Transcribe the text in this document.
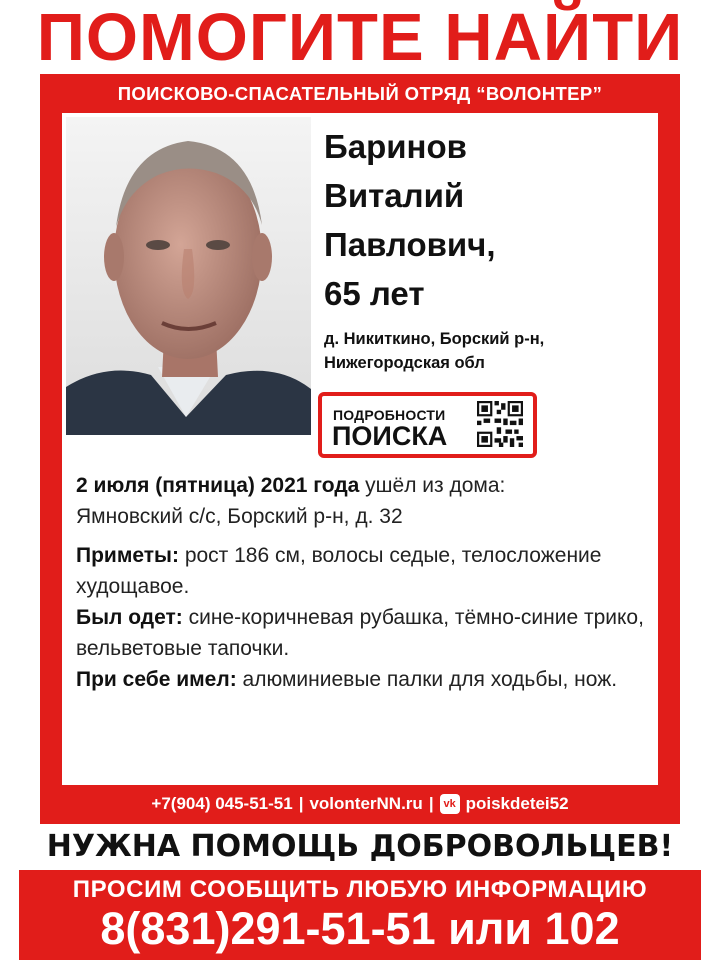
ПОМОГИТЕ НАЙТИ
ПОИСКОВО-СПАСАТЕЛЬНЫЙ ОТРЯД “ВОЛОНТЕР”
Баринов
Виталий
Павлович,
65 лет
д. Никиткино, Борский р-н,
Нижегородская обл
ПОДРОБНОСТИ
ПОИСКА
2 июля (пятница) 2021 года ушёл из дома:
Ямновский с/с, Борский р-н, д. 32
Приметы: рост 186 см, волосы седые, телосложение худощавое.
Был одет: сине-коричневая рубашка, тёмно-синие трико, вельветовые тапочки.
При себе имел: алюминиевые палки для ходьбы, нож.
+7(904) 045-51-51 | volonterNN.ru | vk poiskdetei52
НУЖНА ПОМОЩЬ ДОБРОВОЛЬЦЕВ!
ПРОСИМ СООБЩИТЬ ЛЮБУЮ ИНФОРМАЦИЮ
8(831)291-51-51 или 102
